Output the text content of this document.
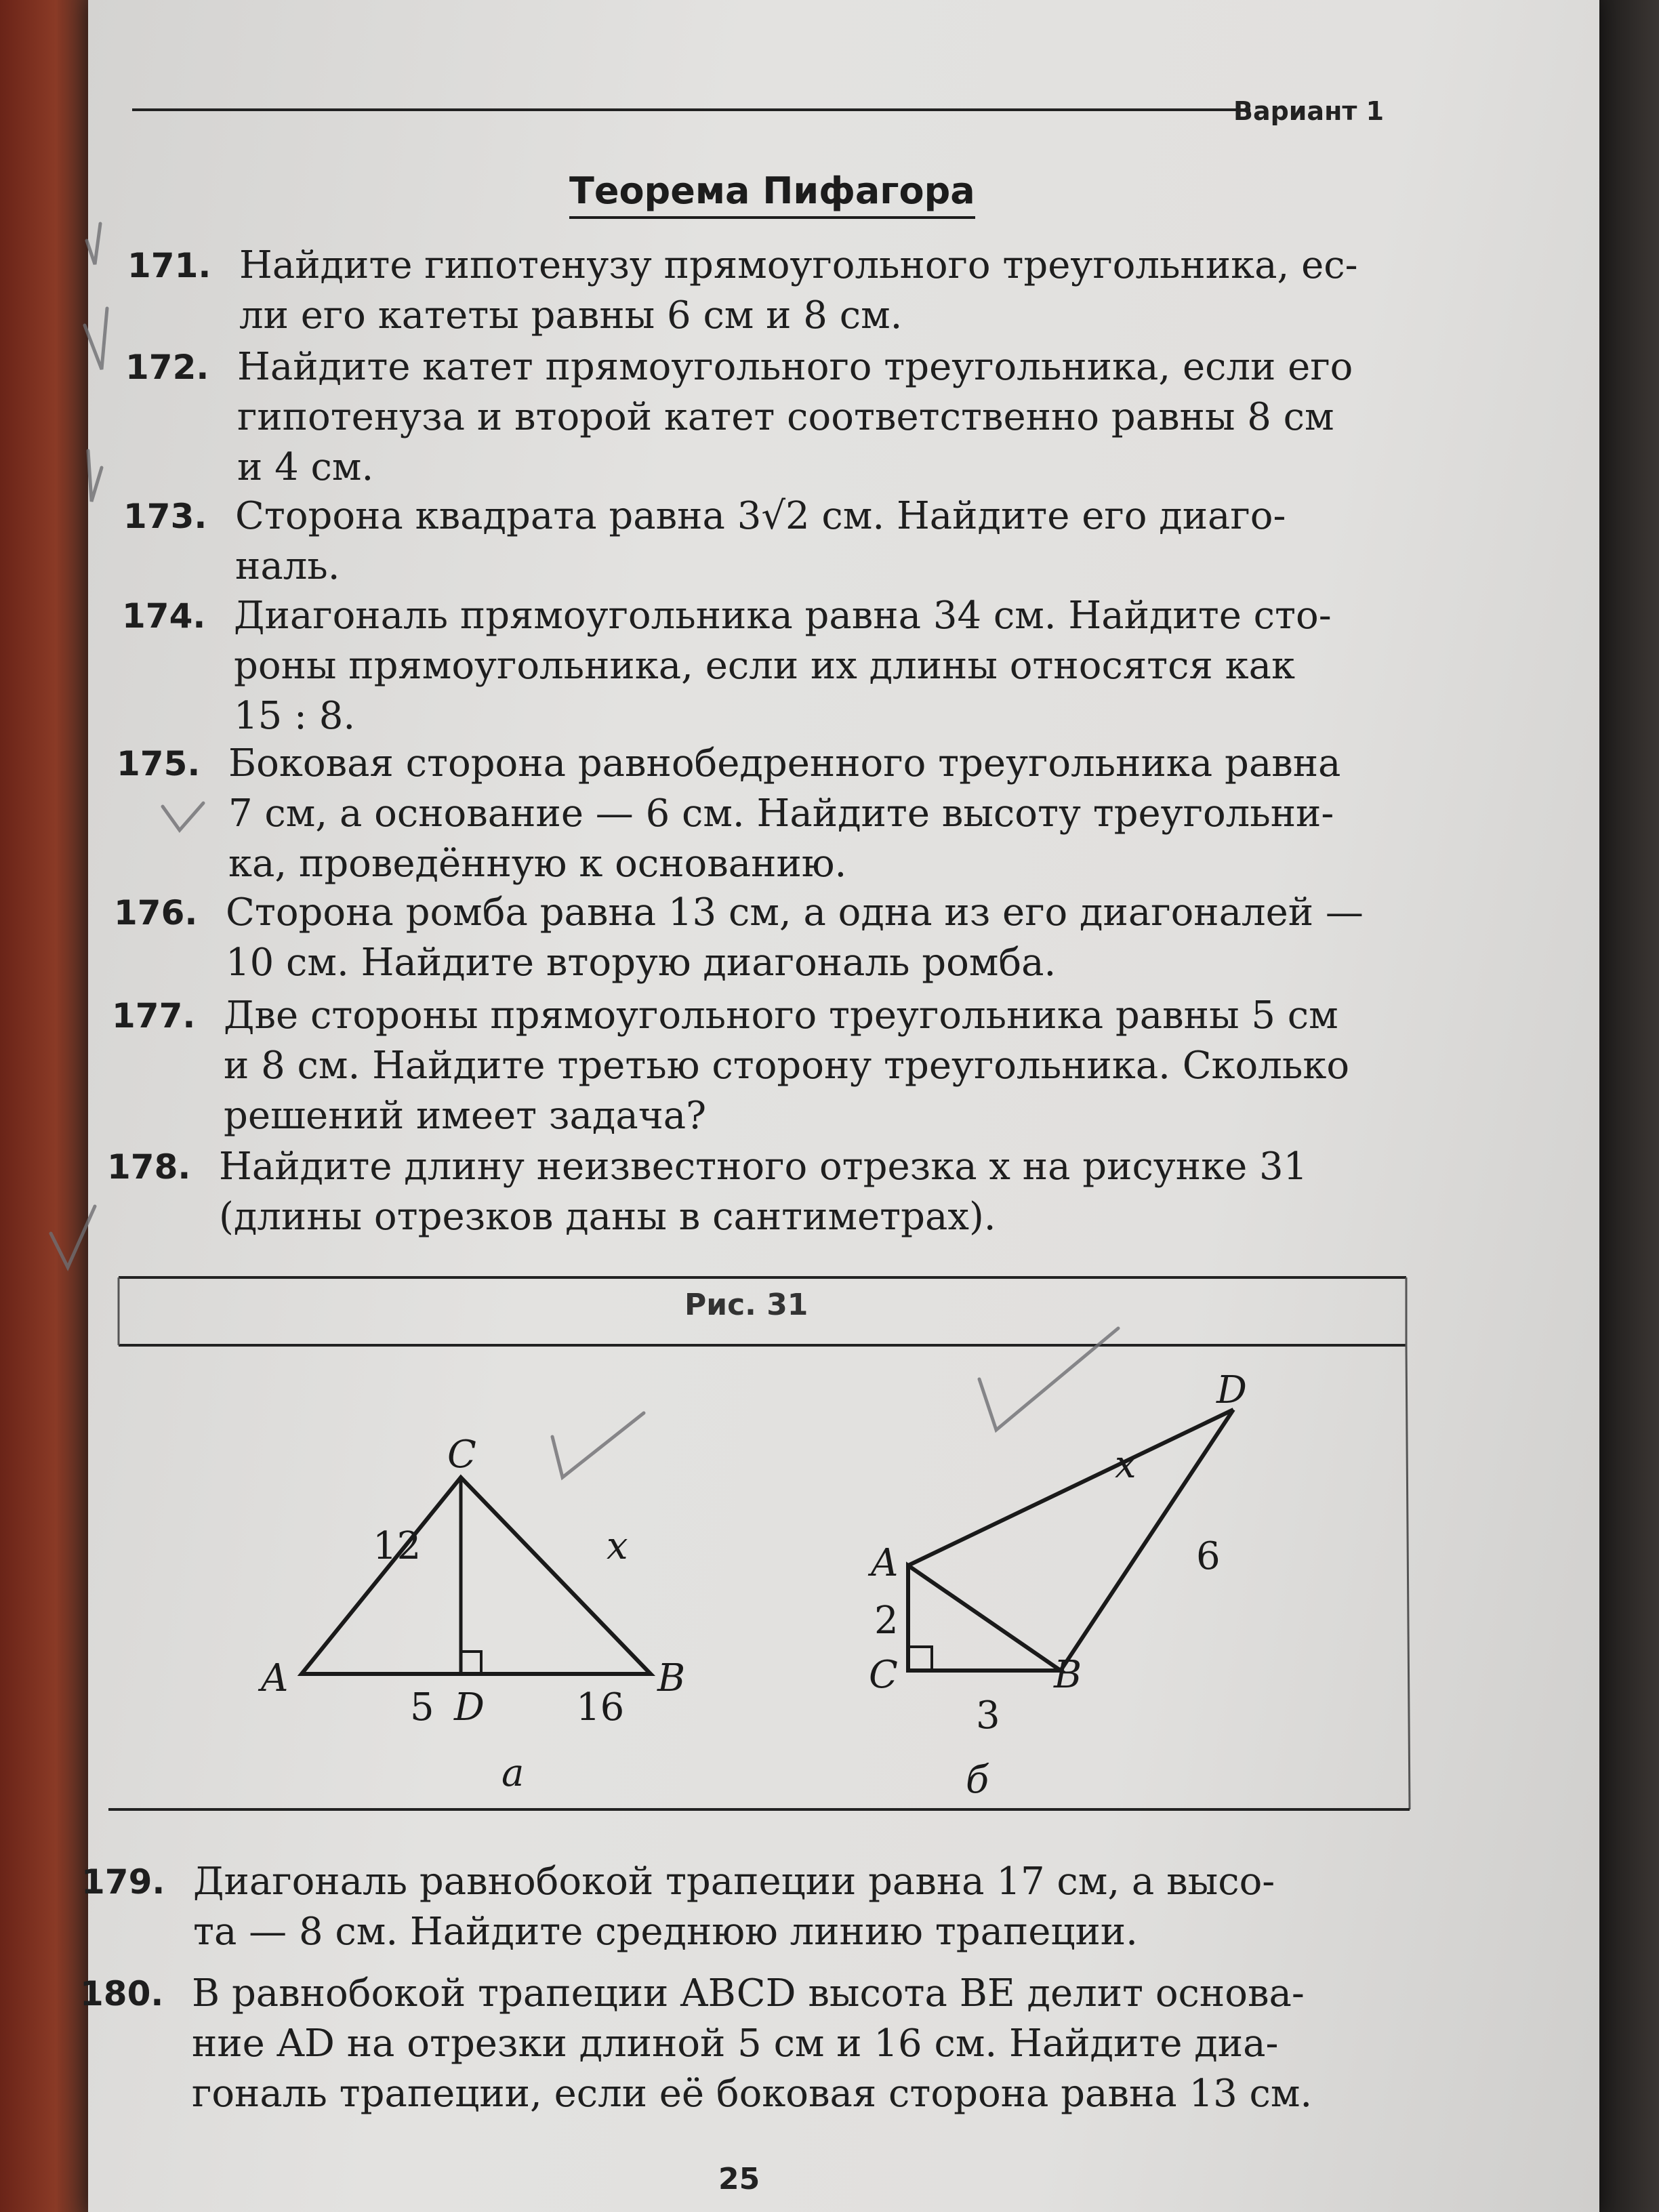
Вариант 1
Теорема Пифагора
171. Найдите гипотенузу прямоугольного треугольника, ес-
ли его катеты равны 6 см и 8 см.
172. Найдите катет прямоугольного треугольника, если его
гипотенуза и второй катет соответственно равны 8 см
и 4 см.
173. Сторона квадрата равна 3√2 см. Найдите его диаго-
наль.
174. Диагональ прямоугольника равна 34 см. Найдите сто-
роны прямоугольника, если их длины относятся как
15 : 8.
175. Боковая сторона равнобедренного треугольника равна
7 см, а основание — 6 см. Найдите высоту треугольни-
ка, проведённую к основанию.
176. Сторона ромба равна 13 см, а одна из его диагоналей —
10 см. Найдите вторую диагональ ромба.
177. Две стороны прямоугольного треугольника равны 5 см
и 8 см. Найдите третью сторону треугольника. Сколько
решений имеет задача?
178. Найдите длину неизвестного отрезка x на рисунке 31
(длины отрезков даны в сантиметрах).
Рис. 31
C
A	B
D
12	x
5	16
а
D
A
C	B
x
6
2
3
б
179. Диагональ равнобокой трапеции равна 17 см, а высо-
та — 8 см. Найдите среднюю линию трапеции.
180. В равнобокой трапеции ABCD высота BE делит основа-
ние AD на отрезки длиной 5 см и 16 см. Найдите диа-
гональ трапеции, если её боковая сторона равна 13 см.
25
